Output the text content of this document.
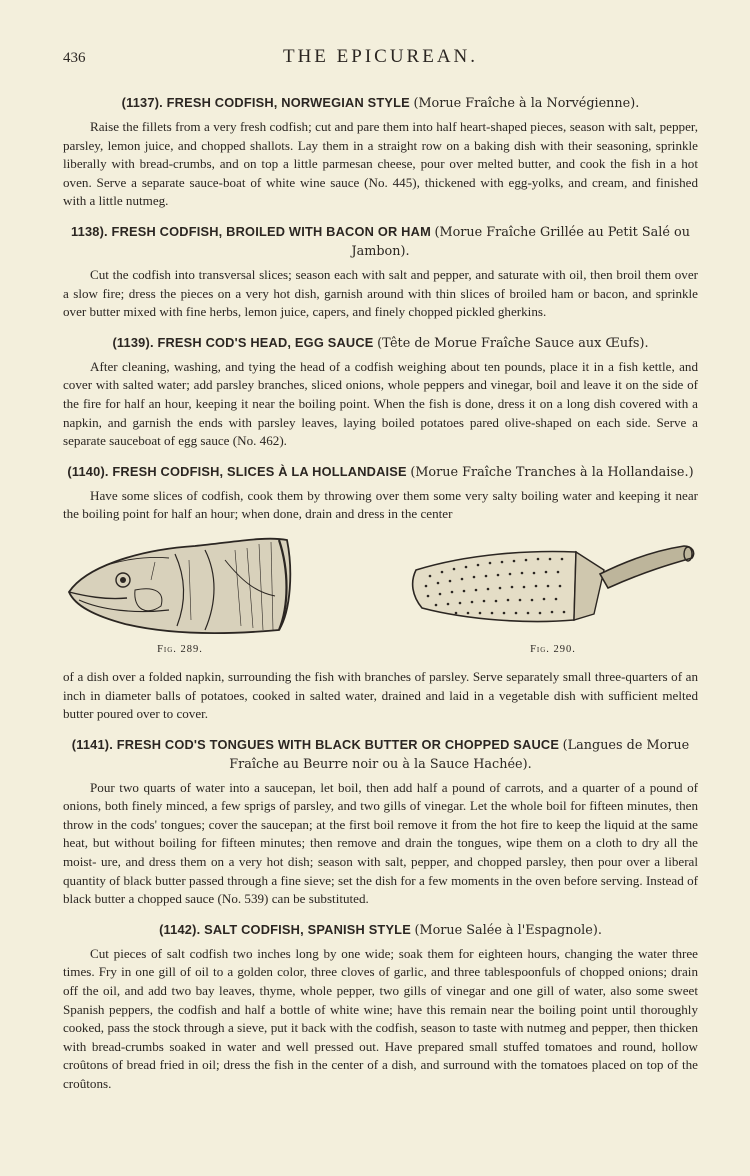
436	THE EPICUREAN.
(1137). FRESH CODFISH, NORWEGIAN STYLE (Morue Fraîche à la Norvégienne).

Raise the fillets from a very fresh codfish; cut and pare them into half heart-shaped pieces, season with salt, pepper, parsley, lemon juice, and chopped shallots. Lay them in a straight row on a baking dish with their seasoning, sprinkle liberally with bread-crumbs, and on top a little parmesan cheese, pour over melted butter, and cook the fish in a hot oven. Serve a separate sauce-boat of white wine sauce (No. 445), thickened with egg-yolks, and cream, and finished with a little nutmeg.

1138). FRESH CODFISH, BROILED WITH BACON OR HAM (Morue Fraîche Grillée au Petit Salé ou Jambon).

Cut the codfish into transversal slices; season each with salt and pepper, and saturate with oil, then broil them over a slow fire; dress the pieces on a very hot dish, garnish around with thin slices of broiled ham or bacon, and sprinkle over butter mixed with fine herbs, lemon juice, capers, and finely chopped pickled gherkins.

(1139). FRESH COD'S HEAD, EGG SAUCE (Tête de Morue Fraîche Sauce aux Œufs).

After cleaning, washing, and tying the head of a codfish weighing about ten pounds, place it in a fish kettle, and cover with salted water; add parsley branches, sliced onions, whole peppers and vinegar, boil and leave it on the side of the fire for half an hour, keeping it near the boiling point. When the fish is done, dress it on a long dish covered with a napkin, and garnish the ends with parsley leaves, laying boiled potatoes pared olive-shaped on each side. Serve a separate sauceboat of egg sauce (No. 462).

(1140). FRESH CODFISH, SLICES À LA HOLLANDAISE (Morue Fraîche Tranches à la Hollandaise.)

Have some slices of codfish, cook them by throwing over them some very salty boiling water and keeping it near the boiling point for half an hour; when done, drain and dress in the center

Fig. 289.	Fig. 290.

of a dish over a folded napkin, surrounding the fish with branches of parsley. Serve separately small three-quarters of an inch in diameter balls of potatoes, cooked in salted water, drained and laid in a vegetable dish with sufficient melted butter poured over to cover.

(1141). FRESH COD'S TONGUES WITH BLACK BUTTER OR CHOPPED SAUCE (Langues de Morue Fraîche au Beurre noir ou à la Sauce Hachée).

Pour two quarts of water into a saucepan, let boil, then add half a pound of carrots, and a quarter of a pound of onions, both finely minced, a few sprigs of parsley, and two gills of vinegar. Let the whole boil for fifteen minutes, then throw in the cods' tongues; cover the saucepan; at the first boil remove it from the hot fire to keep the liquid at the same heat, but without boiling for fifteen minutes; then remove and drain the tongues, wipe them on a cloth to dry all the moist- ure, and dress them on a very hot dish; season with salt, pepper, and chopped parsley, then pour over a liberal quantity of black butter passed through a fine sieve; set the dish for a few moments in the oven before serving. Instead of black butter a chopped sauce (No. 539) can be substituted.

(1142). SALT CODFISH, SPANISH STYLE (Morue Salée à l'Espagnole).

Cut pieces of salt codfish two inches long by one wide; soak them for eighteen hours, changing the water three times. Fry in one gill of oil to a golden color, three cloves of garlic, and three tablespoonfuls of chopped onions; drain off the oil, and add two bay leaves, thyme, whole pepper, two gills of vinegar and one gill of water, also some sweet Spanish peppers, the codfish and half a bottle of white wine; have this remain near the boiling point until thoroughly cooked, pass the stock through a sieve, put it back with the codfish, season to taste with nutmeg and pepper, then thicken with bread-crumbs soaked in water and well pressed out. Have prepared small stuffed tomatoes and round, hollow croûtons of bread fried in oil; dress the fish in the center of a dish, and surround with the tomatoes placed on top of the croûtons.
